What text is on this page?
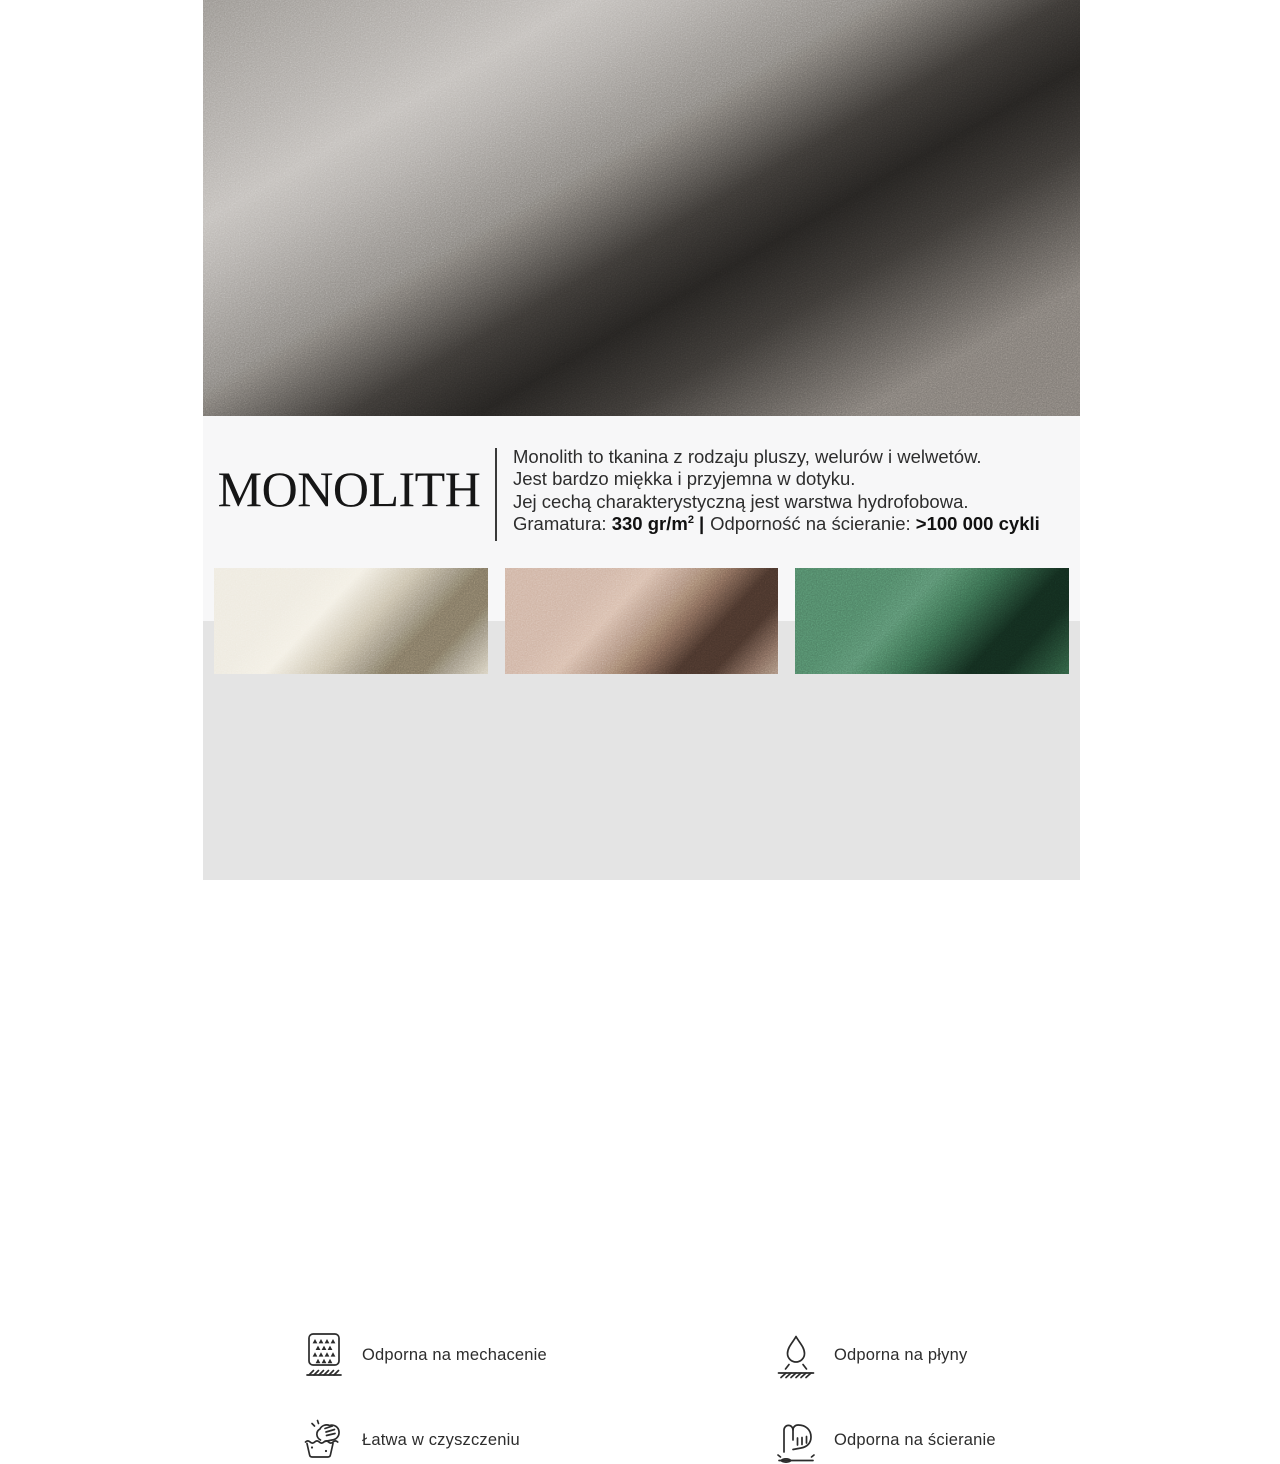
MONOLITH

Monolith to tkanina z rodzaju pluszy, welurów i welwetów.

Jest bardzo miękka i przyjemna w dotyku.

Jej cechą charakterystyczną jest warstwa hydrofobowa.

Gramatura: 330 $gr/m^2$ | Odporność na ścieranie: >100 000 cykli

Odporna na mechacenie	Odporna na płyny
Łatwa w czyszczeniu	Odporna na ścieranie
